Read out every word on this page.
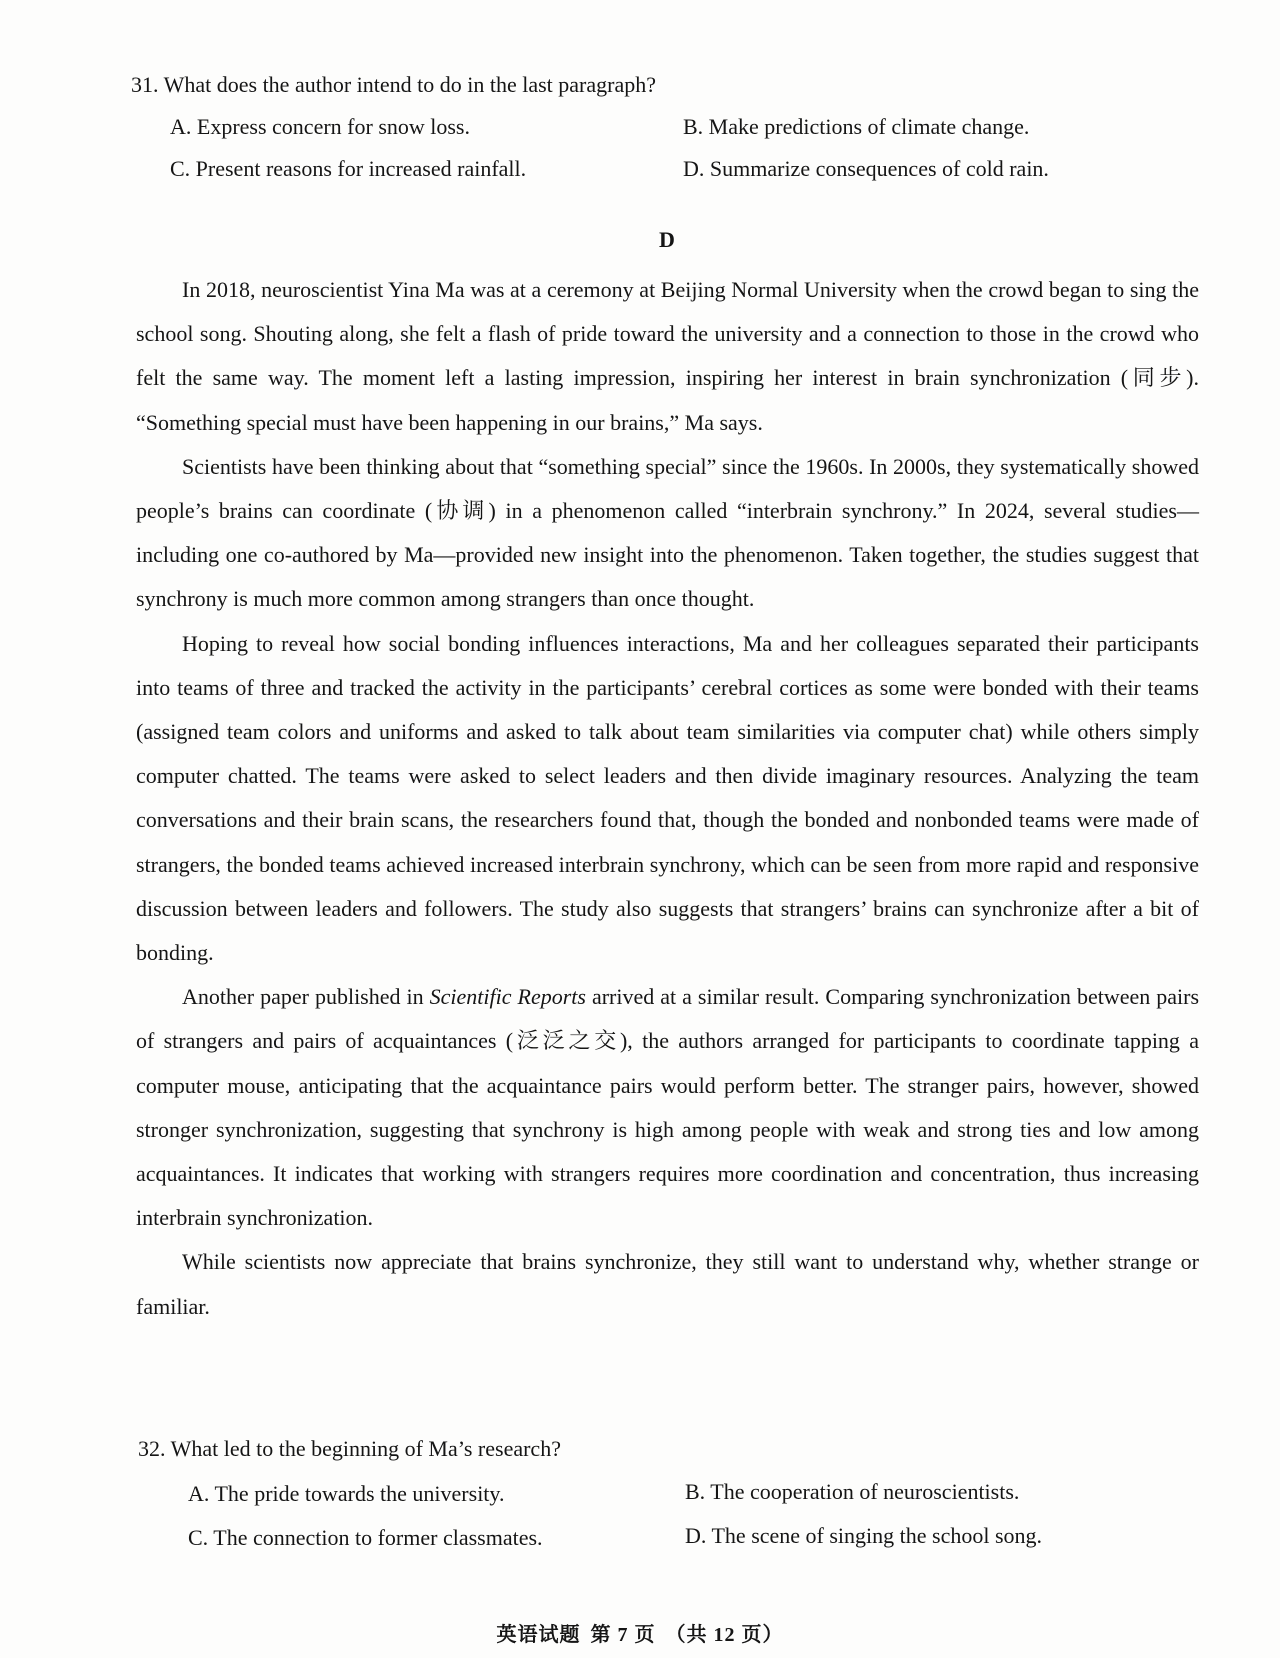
31. What does the author intend to do in the last paragraph?
A. Express concern for snow loss.	B. Make predictions of climate change.
C. Present reasons for increased rainfall.	D. Summarize consequences of cold rain.
D

In 2018, neuroscientist Yina Ma was at a ceremony at Beijing Normal University when the crowd began to sing the school song. Shouting along, she felt a flash of pride toward the university and a connection to those in the crowd who felt the same way. The moment left a lasting impression, inspiring her interest in brain synchronization (同步). “Something special must have been happening in our brains,” Ma says.

Scientists have been thinking about that “something special” since the 1960s. In 2000s, they systematically showed people’s brains can coordinate (协调) in a phenomenon called “interbrain synchrony.” In 2024, several studies—including one co-authored by Ma—provided new insight into the phenomenon. Taken together, the studies suggest that synchrony is much more common among strangers than once thought.

Hoping to reveal how social bonding influences interactions, Ma and her colleagues separated their participants into teams of three and tracked the activity in the participants’ cerebral cortices as some were bonded with their teams (assigned team colors and uniforms and asked to talk about team similarities via computer chat) while others simply computer chatted. The teams were asked to select leaders and then divide imaginary resources. Analyzing the team conversations and their brain scans, the researchers found that, though the bonded and nonbonded teams were made of strangers, the bonded teams achieved increased interbrain synchrony, which can be seen from more rapid and responsive discussion between leaders and followers. The study also suggests that strangers’ brains can synchronize after a bit of bonding.

Another paper published in Scientific Reports arrived at a similar result. Comparing synchronization between pairs of strangers and pairs of acquaintances (泛泛之交), the authors arranged for participants to coordinate tapping a computer mouse, anticipating that the acquaintance pairs would perform better. The stranger pairs, however, showed stronger synchronization, suggesting that synchrony is high among people with weak and strong ties and low among acquaintances. It indicates that working with strangers requires more coordination and concentration, thus increasing interbrain synchronization.

While scientists now appreciate that brains synchronize, they still want to understand why, whether strange or familiar.

32. What led to the beginning of Ma’s research?
A. The pride towards the university.	B. The cooperation of neuroscientists.
C. The connection to former classmates.	D. The scene of singing the school song.
英语试题 第 7 页 （共 12 页）
